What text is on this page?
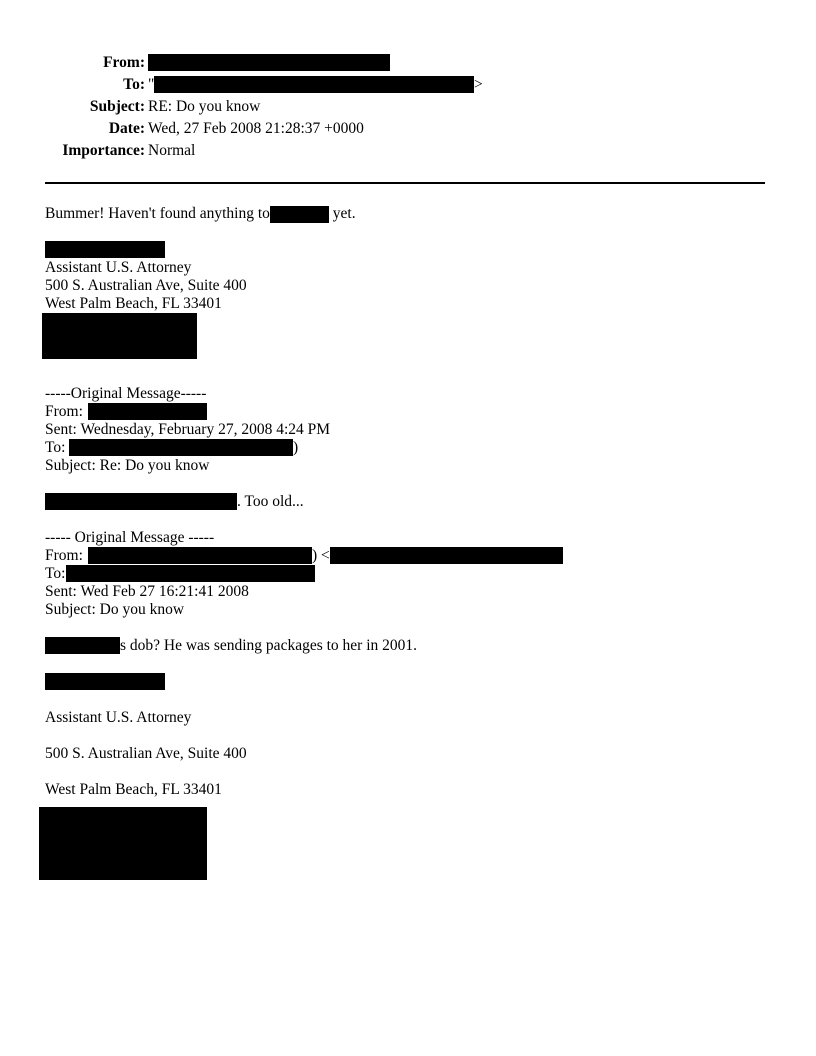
From:
To: "	>
Subject: RE: Do you know
Date: Wed, 27 Feb 2008 21:28:37 +0000
Importance: Normal
Bummer! Haven't found anything to	yet.
Assistant U.S. Attorney
500 S. Australian Ave, Suite 400
West Palm Beach, FL 33401
-----Original Message-----
From:
Sent: Wednesday, February 27, 2008 4:24 PM
To:	)
Subject: Re: Do you know
. Too old...
----- Original Message -----
From:	) <
To:
Sent: Wed Feb 27 16:21:41 2008
Subject: Do you know
s dob? He was sending packages to her in 2001.
Assistant U.S. Attorney
500 S. Australian Ave, Suite 400
West Palm Beach, FL 33401
